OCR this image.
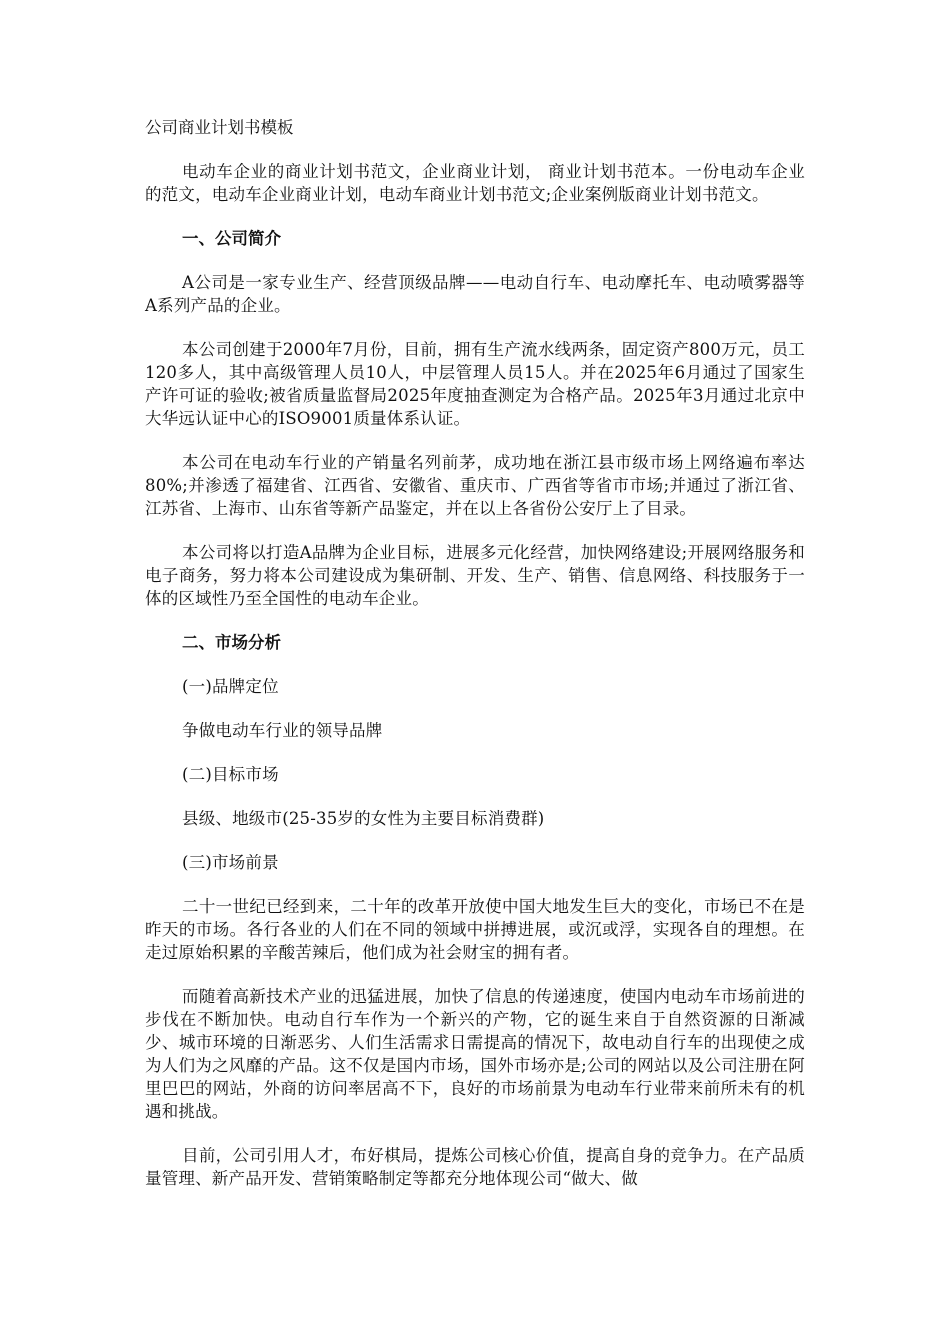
公司商业计划书模板

电动车企业的商业计划书范文，企业商业计划， 商业计划书范本。一份电动车企业的范文，电动车企业商业计划，电动车商业计划书范文;企业案例版商业计划书范文。

一、公司简介

A公司是一家专业生产、经营顶级品牌——电动自行车、电动摩托车、电动喷雾器等A系列产品的企业。

本公司创建于2000年7月份，目前，拥有生产流水线两条，固定资产800万元，员工120多人，其中高级管理人员10人，中层管理人员15人。并在2025年6月通过了国家生产许可证的验收;被省质量监督局2025年度抽查测定为合格产品。2025年3月通过北京中大华远认证中心的ISO9001质量体系认证。

本公司在电动车行业的产销量名列前茅，成功地在浙江县市级市场上网络遍布率达80%;并渗透了福建省、江西省、安徽省、重庆市、广西省等省市市场;并通过了浙江省、江苏省、上海市、山东省等新产品鉴定，并在以上各省份公安厅上了目录。

本公司将以打造A品牌为企业目标，进展多元化经营，加快网络建设;开展网络服务和电子商务，努力将本公司建设成为集研制、开发、生产、销售、信息网络、科技服务于一体的区域性乃至全国性的电动车企业。

二、市场分析

(一)品牌定位

争做电动车行业的领导品牌

(二)目标市场

县级、地级市(25-35岁的女性为主要目标消费群)

(三)市场前景

二十一世纪已经到来，二十年的改革开放使中国大地发生巨大的变化，市场已不在是昨天的市场。各行各业的人们在不同的领域中拼搏进展，或沉或浮，实现各自的理想。在走过原始积累的辛酸苦辣后，他们成为社会财宝的拥有者。

而随着高新技术产业的迅猛进展，加快了信息的传递速度，使国内电动车市场前进的步伐在不断加快。电动自行车作为一个新兴的产物，它的诞生来自于自然资源的日渐减少、城市环境的日渐恶劣、人们生活需求日需提高的情况下，故电动自行车的出现使之成为人们为之风靡的产品。这不仅是国内市场，国外市场亦是;公司的网站以及公司注册在阿里巴巴的网站，外商的访问率居高不下，良好的市场前景为电动车行业带来前所未有的机遇和挑战。

目前，公司引用人才，布好棋局，提炼公司核心价值，提高自身的竞争力。在产品质量管理、新产品开发、营销策略制定等都充分地体现公司“做大、做
